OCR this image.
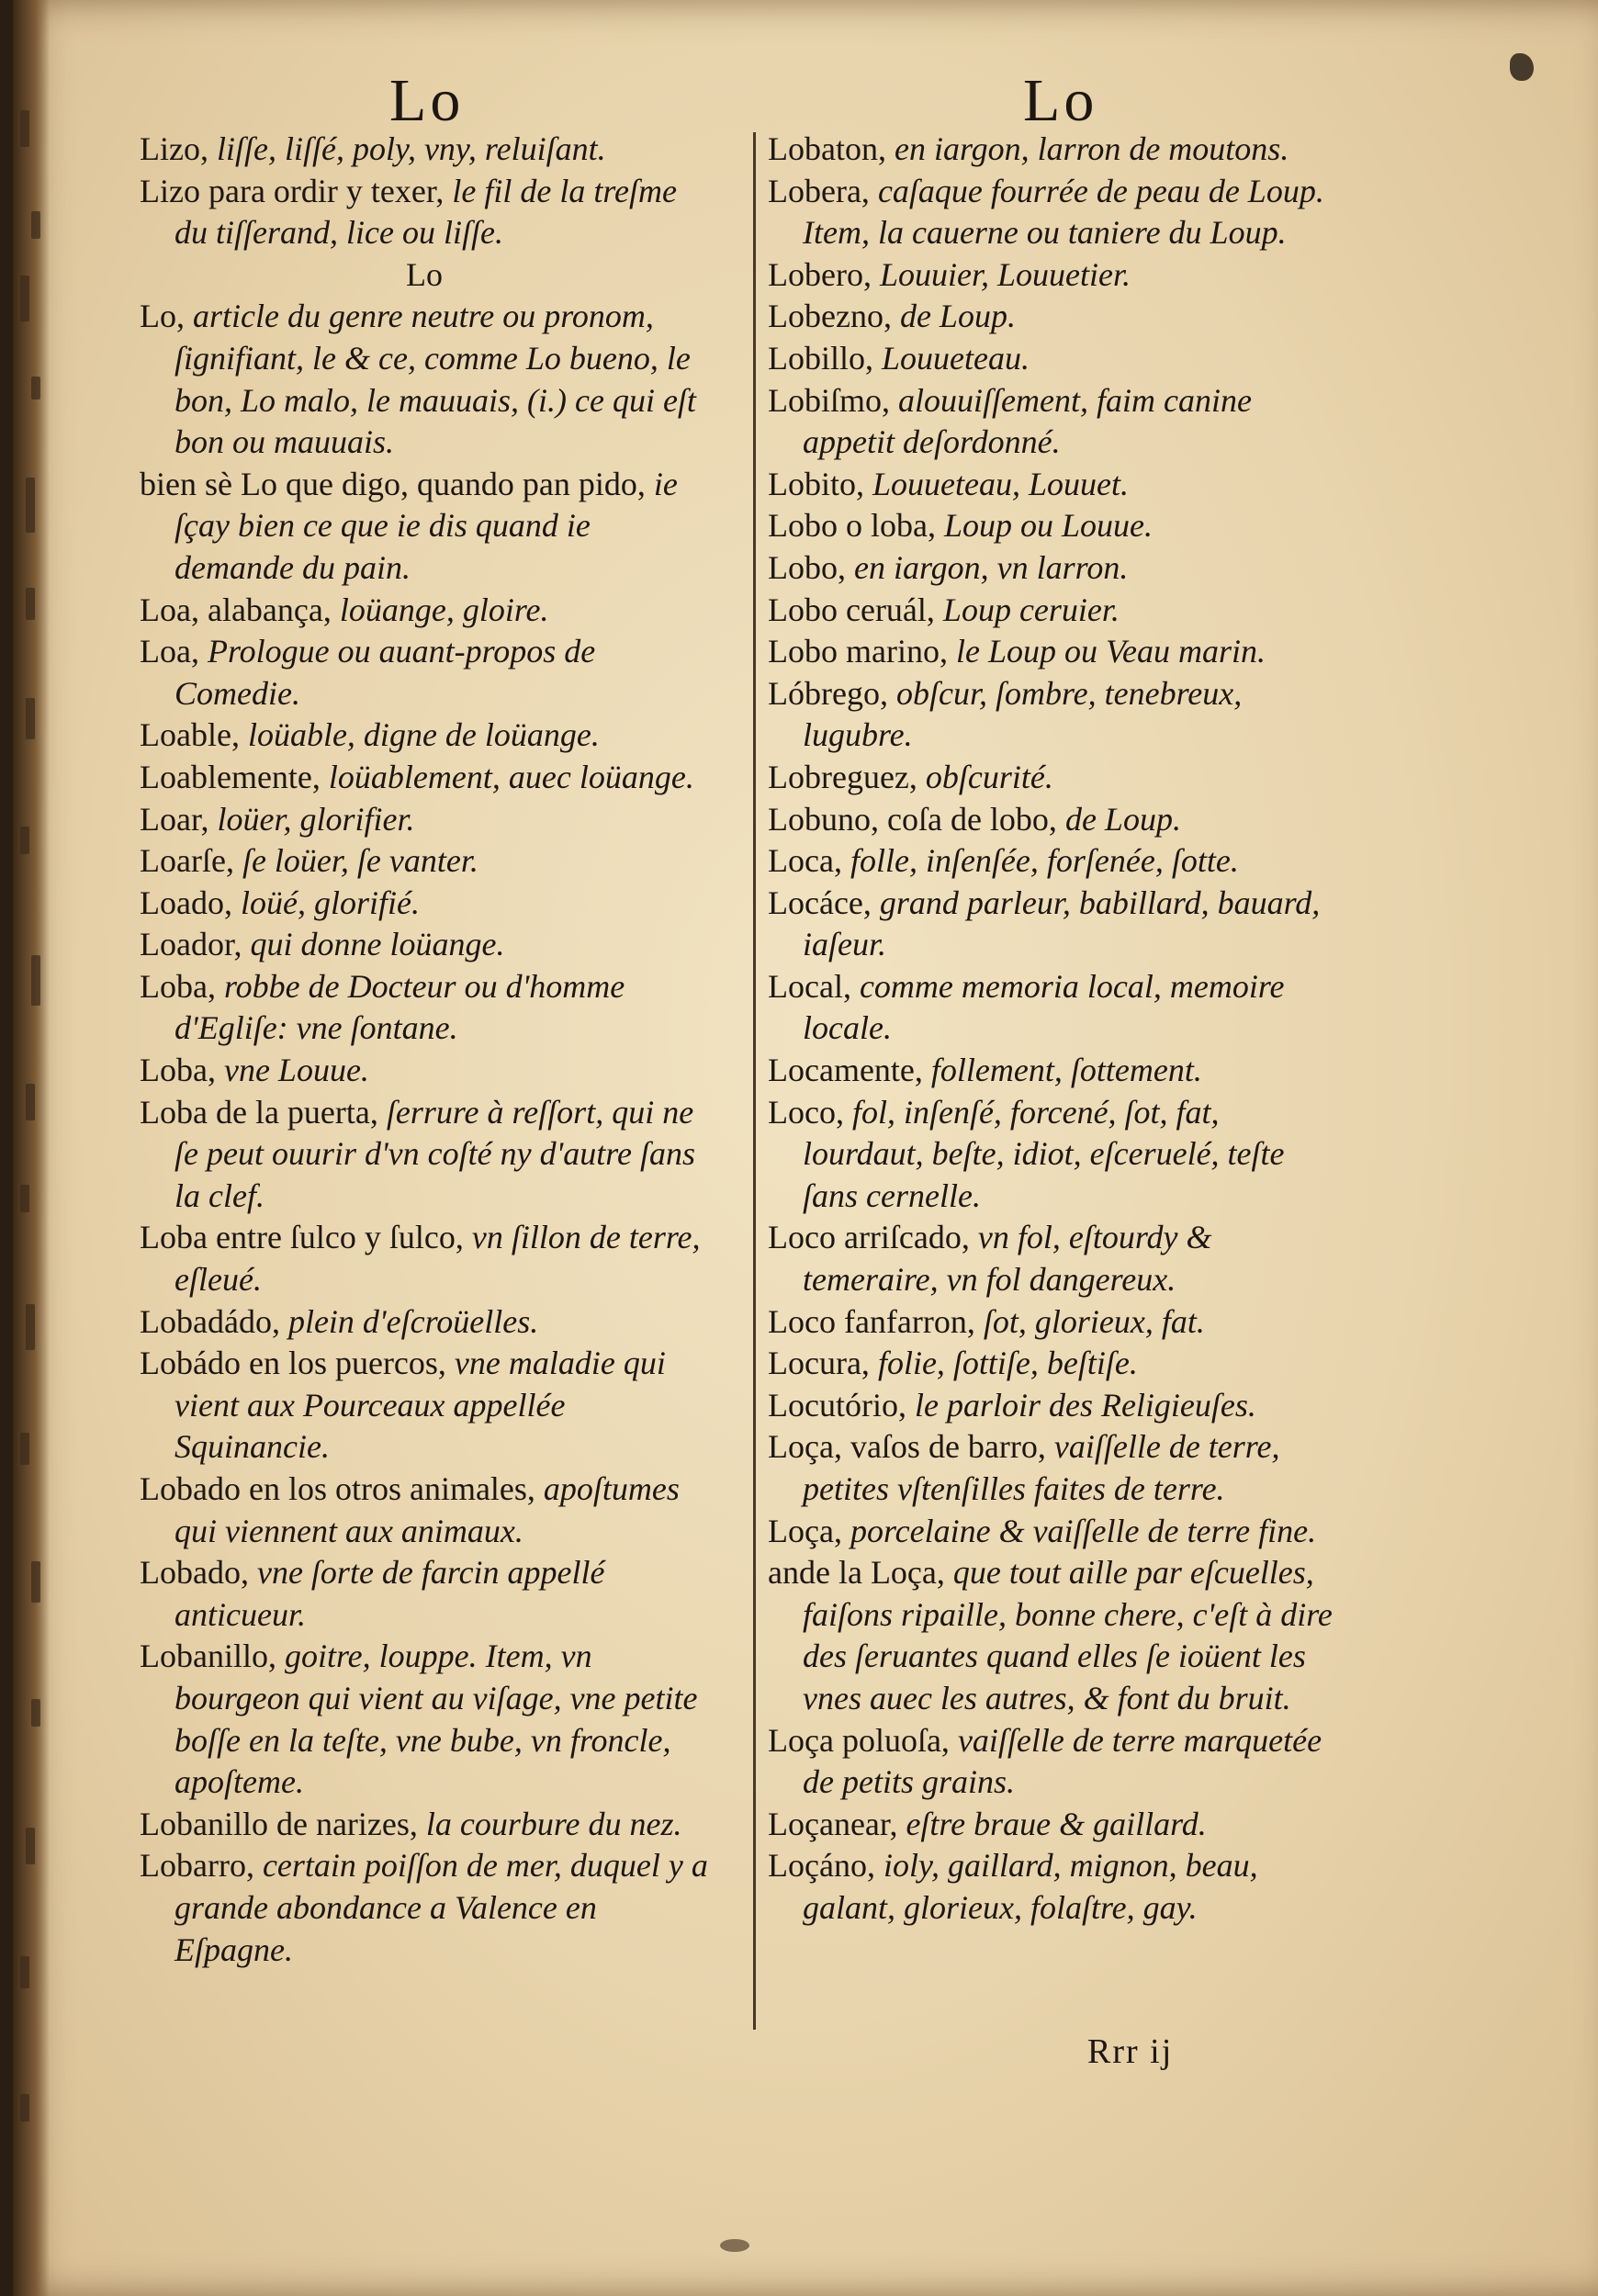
Lo	Lo

Lizo, liſſe, liſſé, poly, vny, reluiſant.

Lizo para ordir y texer, le fil de la treſme du tiſſerand, lice ou liſſe.

Lo

Lo, article du genre neutre ou pronom, ſignifiant, le & ce, comme Lo bueno, le bon, Lo malo, le mauuais, (i.) ce qui eſt bon ou mauuais.

bien sè Lo que digo, quando pan pido, ie ſçay bien ce que ie dis quand ie demande du pain.

Loa, alabança, loüange, gloire.

Loa, Prologue ou auant-propos de Comedie.

Loable, loüable, digne de loüange.

Loablemente, loüablement, auec loüange.

Loar, loüer, glorifier.

Loarſe, ſe loüer, ſe vanter.

Loado, loüé, glorifié.

Loador, qui donne loüange.

Loba, robbe de Docteur ou d'homme d'Egliſe: vne ſontane.

Loba, vne Louue.

Loba de la puerta, ſerrure à reſſort, qui ne ſe peut ouurir d'vn coſté ny d'autre ſans la clef.

Loba entre ſulco y ſulco, vn ſillon de terre, eſleué.

Lobadádo, plein d'eſcroüelles.

Lobádo en los puercos, vne maladie qui vient aux Pourceaux appellée Squinancie.

Lobado en los otros animales, apoſtumes qui viennent aux animaux.

Lobado, vne ſorte de farcin appellé anticueur.

Lobanillo, goitre, louppe. Item, vn bourgeon qui vient au viſage, vne petite boſſe en la teſte, vne bube, vn froncle, apoſteme.

Lobanillo de narizes, la courbure du nez.

Lobarro, certain poiſſon de mer, duquel y a grande abondance a Valence en Eſpagne.

Lobaton, en iargon, larron de moutons.

Lobera, caſaque fourrée de peau de Loup. Item, la cauerne ou taniere du Loup.

Lobero, Louuier, Louuetier.

Lobezno, de Loup.

Lobillo, Louueteau.

Lobiſmo, alouuiſſement, faim canine appetit deſordonné.

Lobito, Louueteau, Louuet.

Lobo o loba, Loup ou Louue.

Lobo, en iargon, vn larron.

Lobo ceruál, Loup ceruier.

Lobo marino, le Loup ou Veau marin.

Lóbrego, obſcur, ſombre, tenebreux, lugubre.

Lobreguez, obſcurité.

Lobuno, coſa de lobo, de Loup.

Loca, folle, inſenſée, forſenée, ſotte.

Locáce, grand parleur, babillard, bauard, iaſeur.

Local, comme memoria local, memoire locale.

Locamente, follement, ſottement.

Loco, fol, inſenſé, forcené, ſot, fat, lourdaut, beſte, idiot, eſceruelé, teſte ſans cernelle.

Loco arriſcado, vn fol, eſtourdy & temeraire, vn fol dangereux.

Loco fanfarron, ſot, glorieux, fat.

Locura, folie, ſottiſe, beſtiſe.

Locutório, le parloir des Religieuſes.

Loça, vaſos de barro, vaiſſelle de terre, petites vſtenſilles faites de terre.

Loça, porcelaine & vaiſſelle de terre fine.

ande la Loça, que tout aille par eſcuelles, faiſons ripaille, bonne chere, c'eſt à dire des ſeruantes quand elles ſe ioüent les vnes auec les autres, & font du bruit.

Loça poluoſa, vaiſſelle de terre marquetée de petits grains.

Loçanear, eſtre braue & gaillard.

Loçáno, ioly, gaillard, mignon, beau, galant, glorieux, folaſtre, gay.

Rrr ij
